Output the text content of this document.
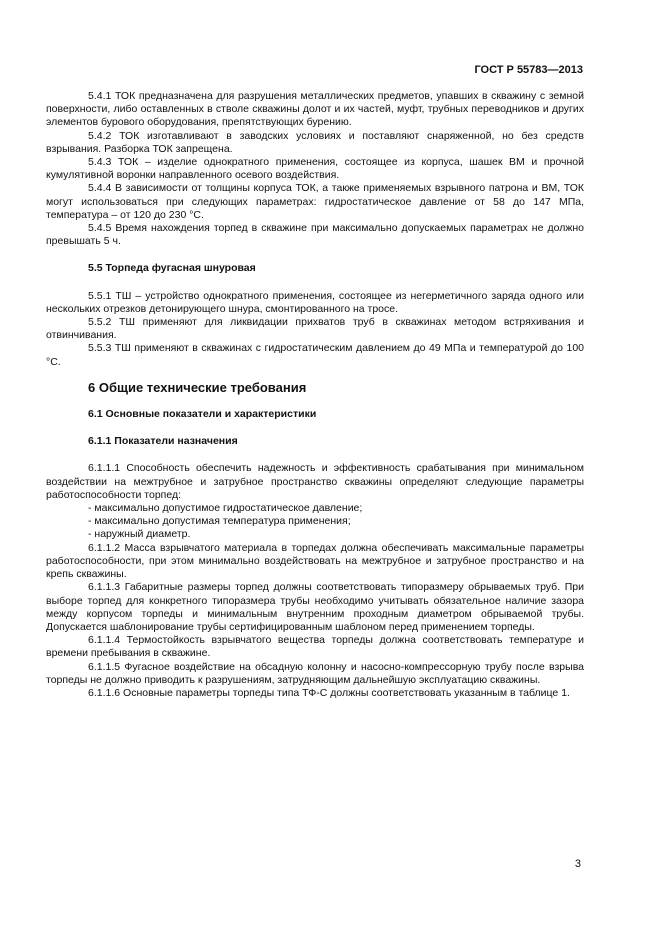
ГОСТ Р 55783—2013

5.4.1 ТОК предназначена для разрушения металлических предметов, упавших в скважину с земной поверхности, либо оставленных в стволе скважины долот и их частей, муфт, трубных переводников и других элементов бурового оборудования, препятствующих бурению.

5.4.2 ТОК изготавливают в заводских условиях и поставляют снаряженной, но без средств взрывания. Разборка ТОК запрещена.

5.4.3 ТОК – изделие однократного применения, состоящее из корпуса, шашек ВМ и прочной кумулятивной воронки направленного осевого воздействия.

5.4.4 В зависимости от толщины корпуса ТОК, а также применяемых взрывного патрона и ВМ, ТОК могут использоваться при следующих параметрах: гидростатическое давление от 58 до 147 МПа, температура – от 120 до 230 °С.

5.4.5 Время нахождения торпед в скважине при максимально допускаемых параметрах не должно превышать 5 ч.

5.5 Торпеда фугасная шнуровая

5.5.1 ТШ – устройство однократного применения, состоящее из негерметичного заряда одного или нескольких отрезков детонирующего шнура, смонтированного на тросе.

5.5.2 ТШ применяют для ликвидации прихватов труб в скважинах методом встряхивания и отвинчивания.

5.5.3 ТШ применяют в скважинах с гидростатическим давлением до 49 МПа и температурой до 100 °С.

6 Общие технические требования
6.1 Основные показатели и характеристики
6.1.1 Показатели назначения

6.1.1.1 Способность обеспечить надежность и эффективность срабатывания при минимальном воздействии на межтрубное и затрубное пространство скважины определяют следующие параметры работоспособности торпед:

- максимально допустимое гидростатическое давление;

- максимально допустимая температура применения;

- наружный диаметр.

6.1.1.2 Масса взрывчатого материала в торпедах должна обеспечивать максимальные параметры работоспособности, при этом минимально воздействовать на межтрубное и затрубное пространство и на крепь скважины.

6.1.1.3 Габаритные размеры торпед должны соответствовать типоразмеру обрываемых труб. При выборе торпед для конкретного типоразмера трубы необходимо учитывать обязательное наличие зазора между корпусом торпеды и минимальным внутренним проходным диаметром обрываемой трубы. Допускается шаблонирование трубы сертифицированным шаблоном перед применением торпеды.

6.1.1.4 Термостойкость взрывчатого вещества торпеды должна соответствовать температуре и времени пребывания в скважине.

6.1.1.5 Фугасное воздействие на обсадную колонну и насосно-компрессорную трубу после взрыва торпеды не должно приводить к разрушениям, затрудняющим дальнейшую эксплуатацию скважины.

6.1.1.6 Основные параметры торпеды типа ТФ-С должны соответствовать указанным в таблице 1.

3
